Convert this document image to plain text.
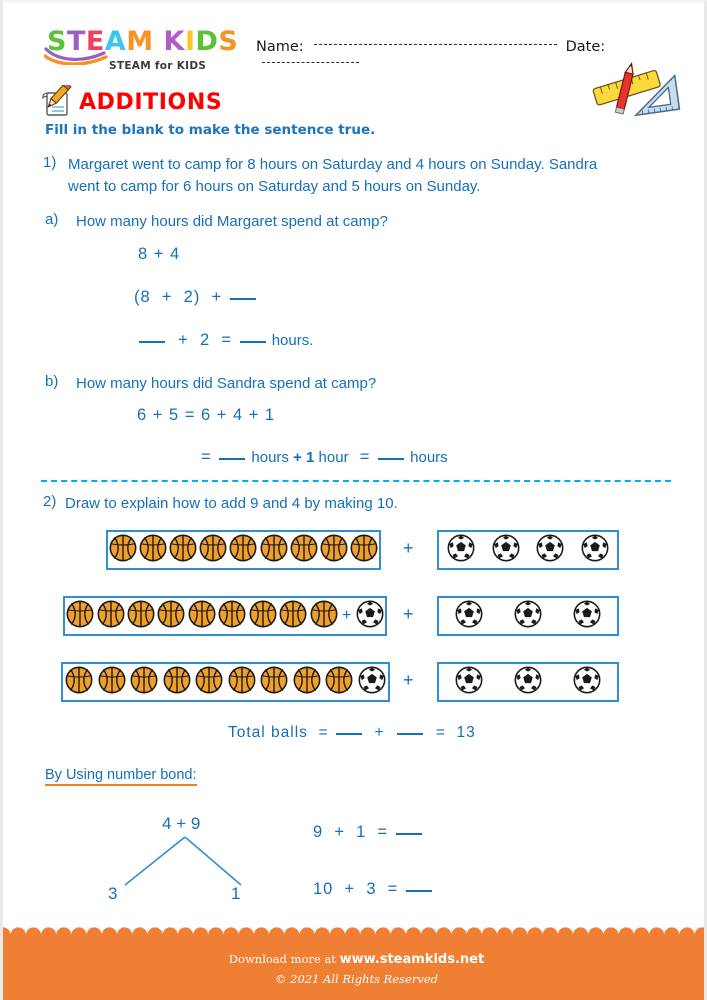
STEAM KIDS
STEAM for KIDS
Name:	Date:
ADDITIONS
Fill in the blank to make the sentence true.
1) Margaret went to camp for 8 hours on Saturday and 4 hours on Sunday. Sandra
went to camp for 6 hours on Saturday and 5 hours on Sunday.
a) How many hours did Margaret spend at camp?
8 + 4
(8  +  2)  +
+  2  =  hours.
b) How many hours did Sandra spend at camp?
6 + 5 = 6 + 4 + 1
=  hours + 1 hour  =  hours
2) Draw to explain how to add 9 and 4 by making 10.
+
+	+
+
Total balls  =   +    =  13
By Using number bond:
4 + 9
3	1
9  +  1  =
10  +  3  =
Download more at www.steamkids.net
© 2021 All Rights Reserved
